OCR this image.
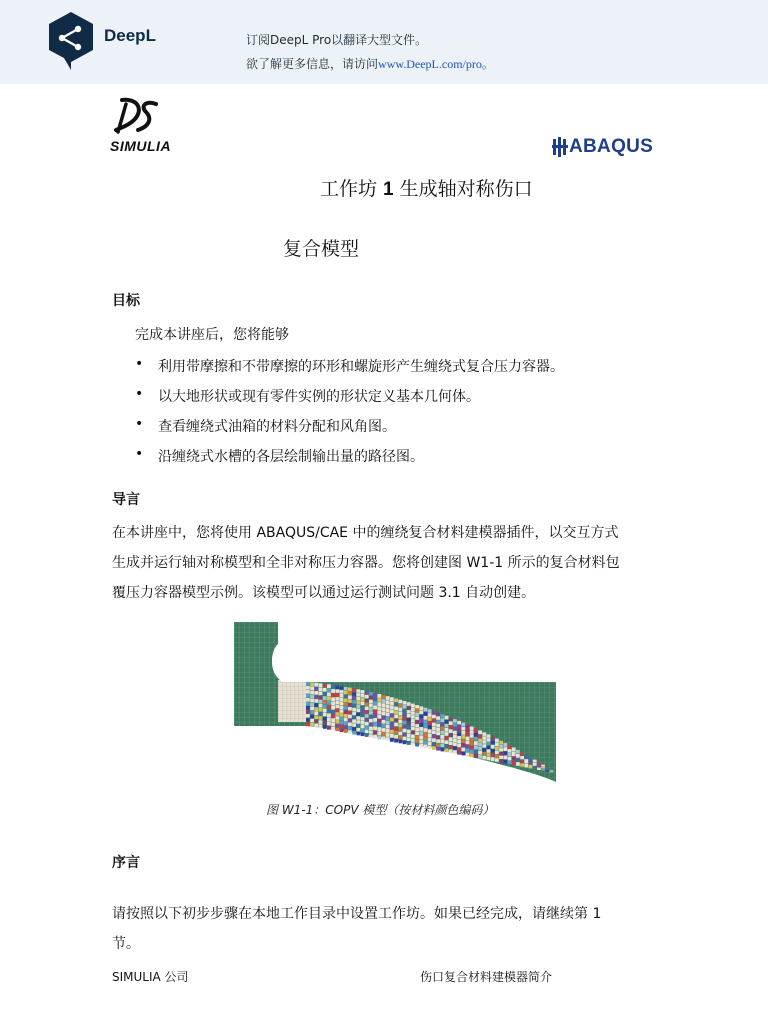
DeepL	订阅DeepL Pro以翻译大型文件。
欲了解更多信息，请访问www.DeepL.com/pro。
SIMULIA	ABAQUS
工作坊 1 生成轴对称伤口
复合模型
目标
完成本讲座后，您将能够
• 利用带摩擦和不带摩擦的环形和螺旋形产生缠绕式复合压力容器。
• 以大地形状或现有零件实例的形状定义基本几何体。
• 查看缠绕式油箱的材料分配和风角图。
• 沿缠绕式水槽的各层绘制输出量的路径图。
导言
在本讲座中，您将使用 ABAQUS/CAE 中的缠绕复合材料建模器插件，以交互方式
生成并运行轴对称模型和全非对称压力容器。您将创建图 W1-1 所示的复合材料包
覆压力容器模型示例。该模型可以通过运行测试问题 3.1 自动创建。
图 W1-1：COPV 模型（按材料颜色编码）
序言
请按照以下初步步骤在本地工作目录中设置工作坊。如果已经完成，请继续第 1
节。
SIMULIA 公司	伤口复合材料建模器简介
